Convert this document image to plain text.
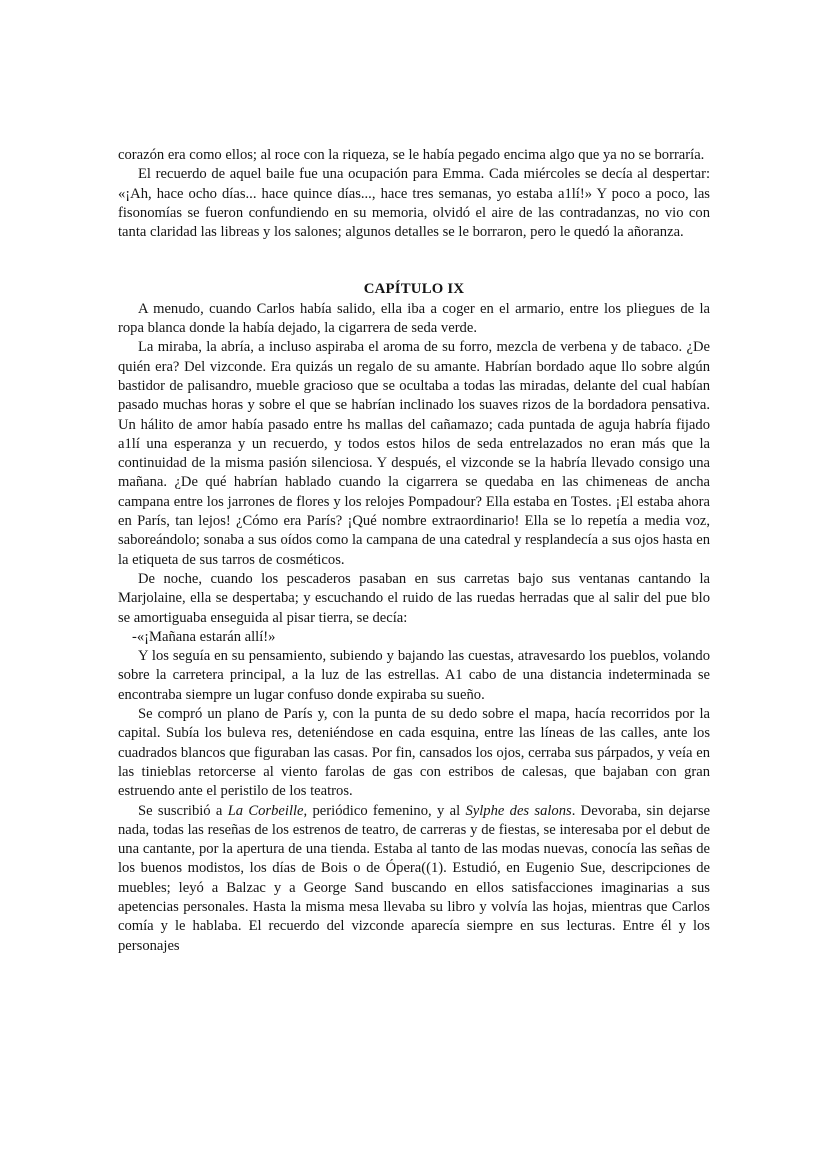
corazón era como ellos; al roce con la riqueza, se le había pegado encima algo que ya no se borraría.

El recuerdo de aquel baile fue una ocupación para Emma. Cada miércoles se decía al despertar: «¡Ah, hace ocho días... hace quince días..., hace tres semanas, yo estaba a1lí!» Y poco a poco, las fisonomías se fueron confundiendo en su memoria, olvidó el aire de las contradanzas, no vio con tanta claridad las libreas y los salones; algunos detalles se le borraron, pero le quedó la añoranza.

CAPÍTULO IX

A menudo, cuando Carlos había salido, ella iba a coger en el armario, entre los pliegues de la ropa blanca donde la había dejado, la cigarrera de seda verde.

La miraba, la abría, a incluso aspiraba el aroma de su forro, mezcla de verbena y de tabaco. ¿De quién era? Del vizconde. Era quizás un regalo de su amante. Habrían bordado aque llo sobre algún bastidor de palisandro, mueble gracioso que se ocultaba a todas las miradas, delante del cual habían pasado muchas horas y sobre el que se habrían inclinado los suaves rizos de la bordadora pensativa. Un hálito de amor había pasado entre hs mallas del cañamazo; cada puntada de aguja habría fijado a1lí una esperanza y un recuerdo, y todos estos hilos de seda entrelazados no eran más que la continuidad de la misma pasión silenciosa. Y después, el vizconde se la habría llevado consigo una mañana. ¿De qué habrían hablado cuando la cigarrera se quedaba en las chimeneas de ancha campana entre los jarrones de flores y los relojes Pompadour? Ella estaba en Tostes. ¡El estaba ahora en París, tan lejos! ¿Cómo era París? ¡Qué nombre extraordinario! Ella se lo repetía a media voz, saboreándolo; sonaba a sus oídos como la campana de una catedral y resplandecía a sus ojos hasta en la etiqueta de sus tarros de cosméticos.

De noche, cuando los pescaderos pasaban en sus carretas bajo sus ventanas cantando la Marjolaine, ella se despertaba; y escuchando el ruido de las ruedas herradas que al salir del pue blo se amortiguaba enseguida al pisar tierra, se decía:

-«¡Mañana estarán allí!»

Y los seguía en su pensamiento, subiendo y bajando las cuestas, atravesardo los pueblos, volando sobre la carretera principal, a la luz de las estrellas. A1 cabo de una distancia indeterminada se encontraba siempre un lugar confuso donde expiraba su sueño.

Se compró un plano de París y, con la punta de su dedo sobre el mapa, hacía recorridos por la capital. Subía los buleva res, deteniéndose en cada esquina, entre las líneas de las calles, ante los cuadrados blancos que figuraban las casas. Por fin, cansados los ojos, cerraba sus párpados, y veía en las tinieblas retorcerse al viento farolas de gas con estribos de calesas, que bajaban con gran estruendo ante el peristilo de los teatros.

Se suscribió a La Corbeille, periódico femenino, y al Sylphe des salons. Devoraba, sin dejarse nada, todas las reseñas de los estrenos de teatro, de carreras y de fiestas, se interesaba por el debut de una cantante, por la apertura de una tienda. Estaba al tanto de las modas nuevas, conocía las señas de los buenos modistos, los días de Bois o de Ópera((1). Estudió, en Eugenio Sue, descripciones de muebles; leyó a Balzac y a George Sand buscando en ellos satisfacciones imaginarias a sus apetencias personales. Hasta la misma mesa llevaba su libro y volvía las hojas, mientras que Carlos comía y le hablaba. El recuerdo del vizconde aparecía siempre en sus lecturas. Entre él y los personajes
